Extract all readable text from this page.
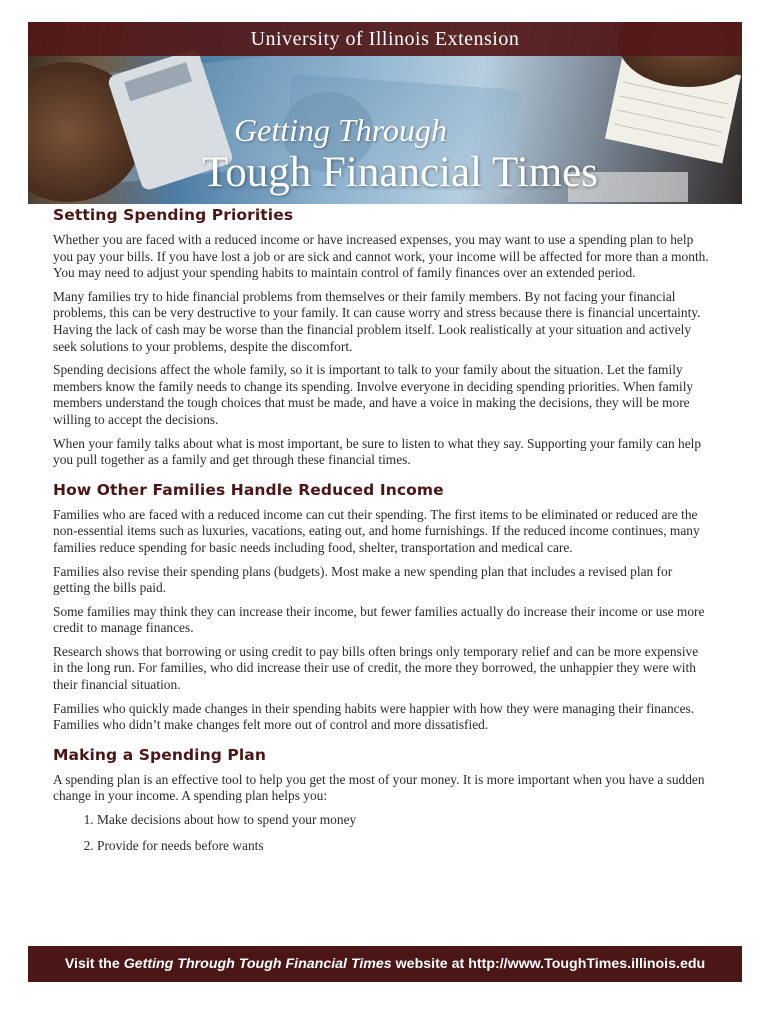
University of Illinois Extension
Getting Through
Tough Financial Times
Setting Spending Priorities

Whether you are faced with a reduced income or have increased expenses, you may want to use a spending plan to help you pay your bills. If you have lost a job or are sick and cannot work, your income will be affected for more than a month. You may need to adjust your spending habits to maintain control of family finances over an extended period.

Many families try to hide financial problems from themselves or their family members. By not facing your financial problems, this can be very destructive to your family. It can cause worry and stress because there is financial uncertainty. Having the lack of cash may be worse than the financial problem itself. Look realistically at your situation and actively seek solutions to your problems, despite the discomfort.

Spending decisions affect the whole family, so it is important to talk to your family about the situation. Let the family members know the family needs to change its spending. Involve everyone in deciding spending priorities. When family members understand the tough choices that must be made, and have a voice in making the decisions, they will be more willing to accept the decisions.

When your family talks about what is most important, be sure to listen to what they say. Supporting your family can help you pull together as a family and get through these financial times.

How Other Families Handle Reduced Income

Families who are faced with a reduced income can cut their spending. The first items to be eliminated or reduced are the non-essential items such as luxuries, vacations, eating out, and home furnishings. If the reduced income continues, many families reduce spending for basic needs including food, shelter, transportation and medical care.

Families also revise their spending plans (budgets). Most make a new spending plan that includes a revised plan for getting the bills paid.

Some families may think they can increase their income, but fewer families actually do increase their income or use more credit to manage finances.

Research shows that borrowing or using credit to pay bills often brings only temporary relief and can be more expensive in the long run. For families, who did increase their use of credit, the more they borrowed, the unhappier they were with their financial situation.

Families who quickly made changes in their spending habits were happier with how they were managing their finances. Families who didn’t make changes felt more out of control and more dissatisfied.

Making a Spending Plan

A spending plan is an effective tool to help you get the most of your money. It is more important when you have a sudden change in your income. A spending plan helps you:

1. Make decisions about how to spend your money
2. Provide for needs before wants
Visit the
Getting Through Tough Financial Times
website at
http://www.ToughTimes.illinois.edu
